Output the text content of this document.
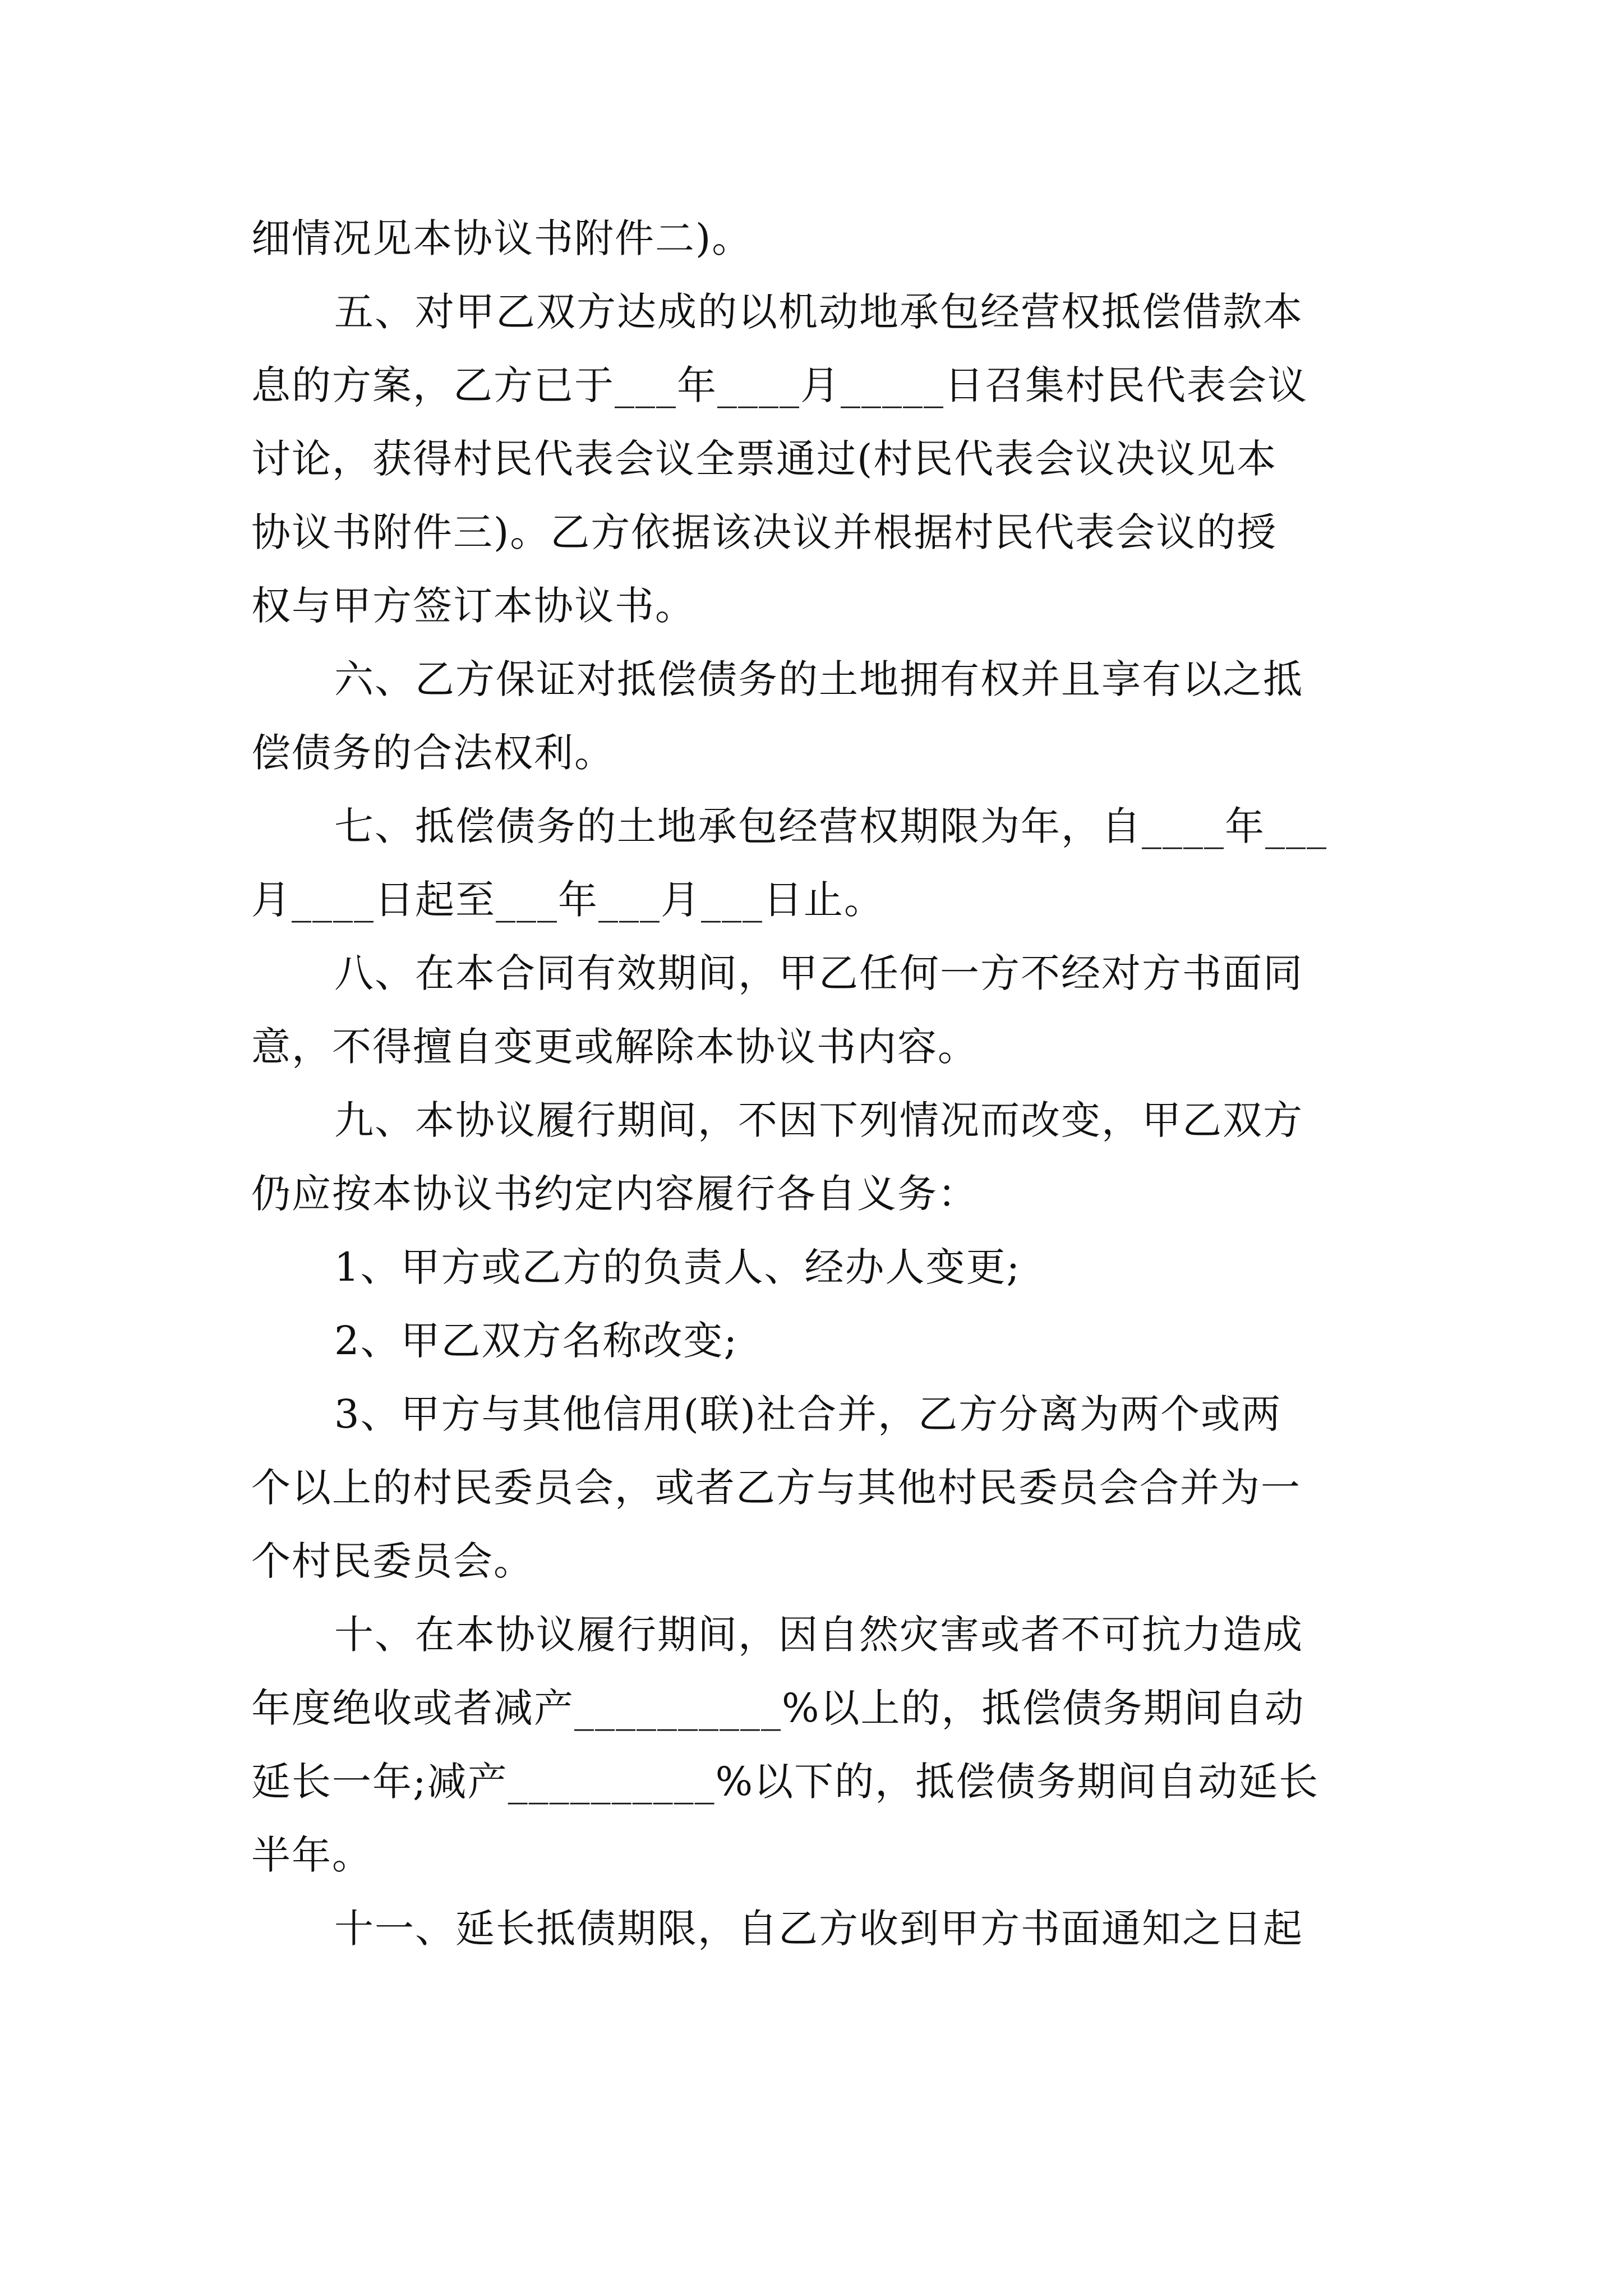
细情况见本协议书附件二)。
五、对甲乙双方达成的以机动地承包经营权抵偿借款本
息的方案，乙方已于___年____月_____日召集村民代表会议
讨论，获得村民代表会议全票通过(村民代表会议决议见本
协议书附件三)。乙方依据该决议并根据村民代表会议的授
权与甲方签订本协议书。
六、乙方保证对抵偿债务的土地拥有权并且享有以之抵
偿债务的合法权利。
七、抵偿债务的土地承包经营权期限为年，自____年___
月____日起至___年___月___日止。
八、在本合同有效期间，甲乙任何一方不经对方书面同
意，不得擅自变更或解除本协议书内容。
九、本协议履行期间，不因下列情况而改变，甲乙双方
仍应按本协议书约定内容履行各自义务：
1、甲方或乙方的负责人、经办人变更;
2、甲乙双方名称改变;
3、甲方与其他信用(联)社合并，乙方分离为两个或两
个以上的村民委员会，或者乙方与其他村民委员会合并为一
个村民委员会。
十、在本协议履行期间，因自然灾害或者不可抗力造成
年度绝收或者减产__________%以上的，抵偿债务期间自动
延长一年;减产__________%以下的，抵偿债务期间自动延长
半年。
十一、延长抵债期限，自乙方收到甲方书面通知之日起
